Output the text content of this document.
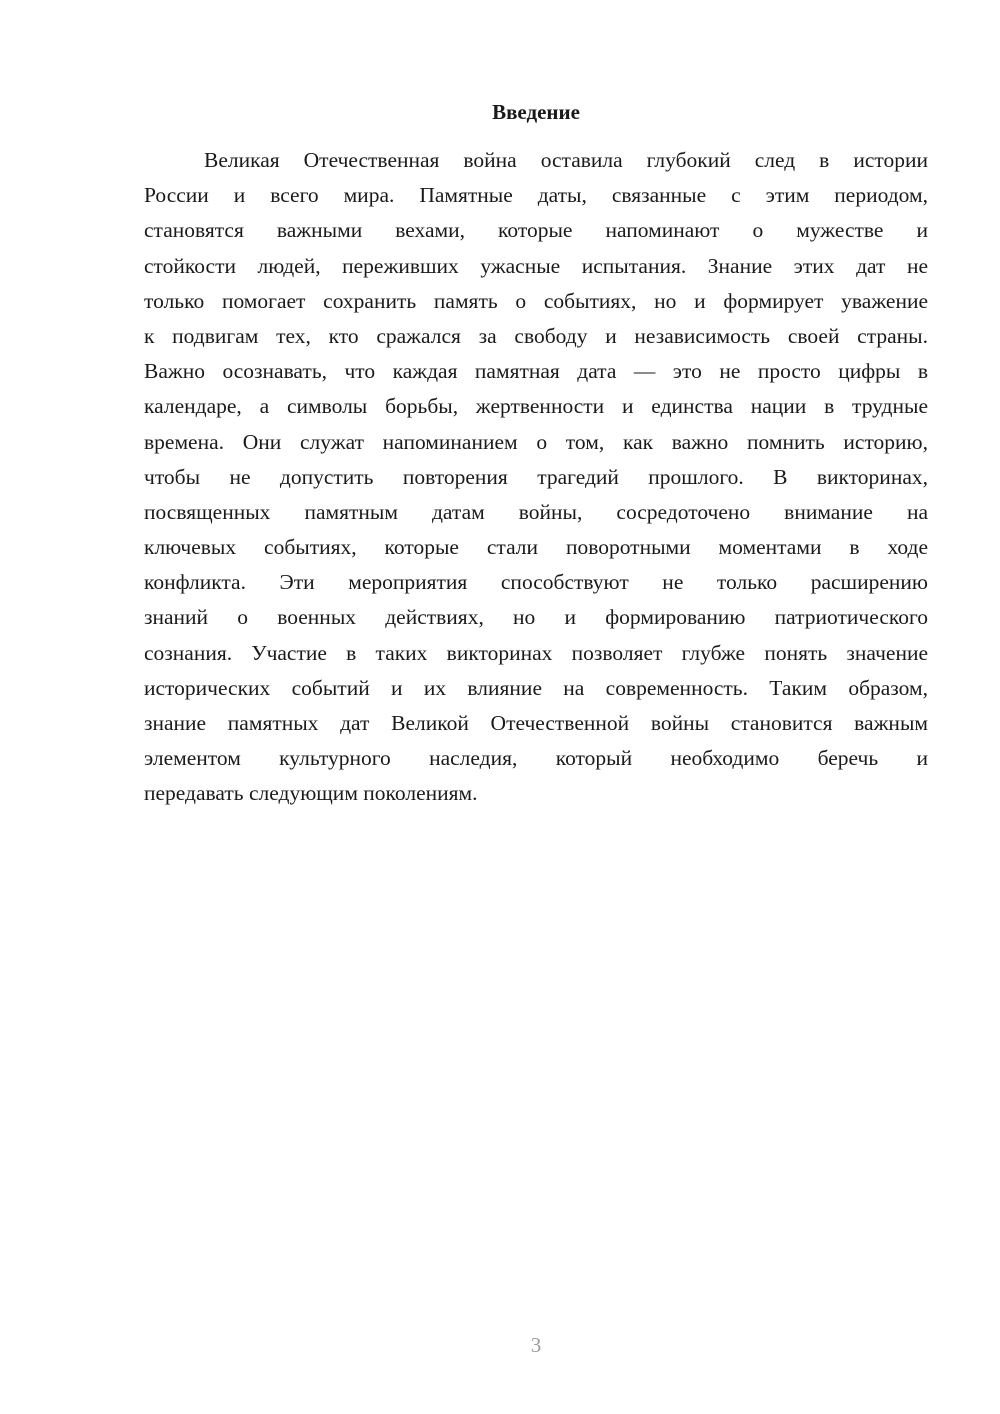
Введение
Великая Отечественная война оставила глубокий след в истории
России и всего мира. Памятные даты, связанные с этим периодом,
становятся важными вехами, которые напоминают о мужестве и
стойкости людей, переживших ужасные испытания. Знание этих дат не
только помогает сохранить память о событиях, но и формирует уважение
к подвигам тех, кто сражался за свободу и независимость своей страны.
Важно осознавать, что каждая памятная дата — это не просто цифры в
календаре, а символы борьбы, жертвенности и единства нации в трудные
времена. Они служат напоминанием о том, как важно помнить историю,
чтобы не допустить повторения трагедий прошлого. В викторинах,
посвященных памятным датам войны, сосредоточено внимание на
ключевых событиях, которые стали поворотными моментами в ходе
конфликта. Эти мероприятия способствуют не только расширению
знаний о военных действиях, но и формированию патриотического
сознания. Участие в таких викторинах позволяет глубже понять значение
исторических событий и их влияние на современность. Таким образом,
знание памятных дат Великой Отечественной войны становится важным
элементом культурного наследия, который необходимо беречь и
передавать следующим поколениям.
3
